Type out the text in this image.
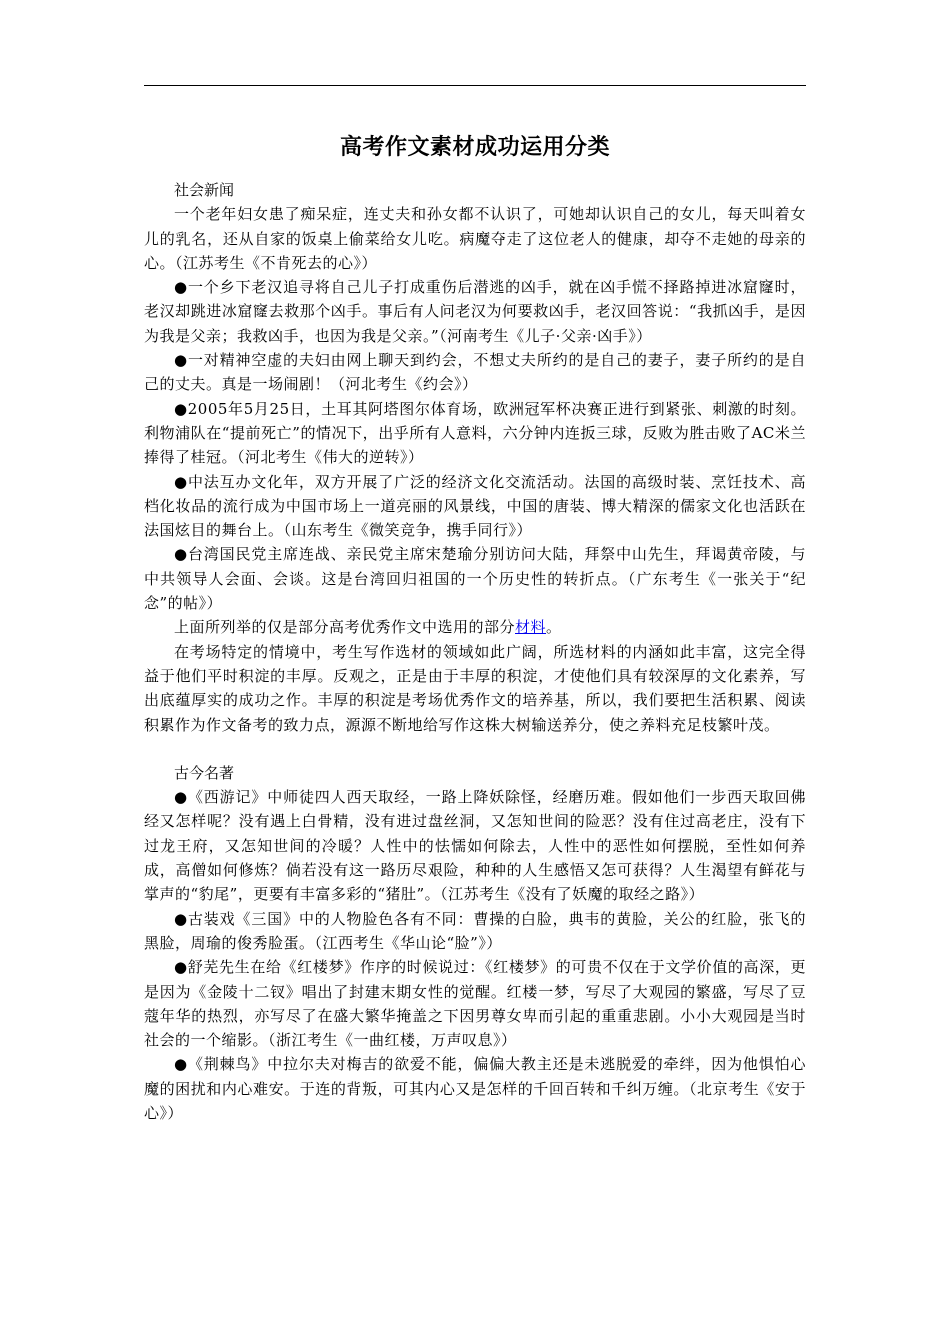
高考作文素材成功运用分类

社会新闻

一个老年妇女患了痴呆症，连丈夫和孙女都不认识了，可她却认识自己的女儿，每天叫着女儿的乳名，还从自家的饭桌上偷菜给女儿吃。病魔夺走了这位老人的健康，却夺不走她的母亲的心。（江苏考生《不肯死去的心》）

●一个乡下老汉追寻将自己儿子打成重伤后潜逃的凶手，就在凶手慌不择路掉进冰窟窿时，老汉却跳进冰窟窿去救那个凶手。事后有人问老汉为何要救凶手，老汉回答说：“我抓凶手，是因为我是父亲；我救凶手，也因为我是父亲。”（河南考生《儿子·父亲·凶手》）

●一对精神空虚的夫妇由网上聊天到约会，不想丈夫所约的是自己的妻子，妻子所约的是自己的丈夫。真是一场闹剧！（河北考生《约会》）

●2005年5月25日，土耳其阿塔图尔体育场，欧洲冠军杯决赛正进行到紧张、刺激的时刻。利物浦队在“提前死亡”的情况下，出乎所有人意料，六分钟内连扳三球，反败为胜击败了AC米兰捧得了桂冠。（河北考生《伟大的逆转》）

●中法互办文化年，双方开展了广泛的经济文化交流活动。法国的高级时装、烹饪技术、高档化妆品的流行成为中国市场上一道亮丽的风景线，中国的唐装、博大精深的儒家文化也活跃在法国炫目的舞台上。（山东考生《微笑竞争，携手同行》）

●台湾国民党主席连战、亲民党主席宋楚瑜分别访问大陆，拜祭中山先生，拜谒黄帝陵，与中共领导人会面、会谈。这是台湾回归祖国的一个历史性的转折点。（广东考生《一张关于“纪念”的帖》）

上面所列举的仅是部分高考优秀作文中选用的部分材料。

在考场特定的情境中，考生写作选材的领域如此广阔，所选材料的内涵如此丰富，这完全得益于他们平时积淀的丰厚。反观之，正是由于丰厚的积淀，才使他们具有较深厚的文化素养，写出底蕴厚实的成功之作。丰厚的积淀是考场优秀作文的培养基，所以，我们要把生活积累、阅读积累作为作文备考的致力点，源源不断地给写作这株大树输送养分，使之养料充足枝繁叶茂。

古今名著

●《西游记》中师徒四人西天取经，一路上降妖除怪，经磨历难。假如他们一步西天取回佛经又怎样呢？没有遇上白骨精，没有进过盘丝洞，又怎知世间的险恶？没有住过高老庄，没有下过龙王府，又怎知世间的冷暖？人性中的怯懦如何除去，人性中的恶性如何摆脱，至性如何养成，高僧如何修炼？倘若没有这一路历尽艰险，种种的人生感悟又怎可获得？人生渴望有鲜花与掌声的“豹尾”，更要有丰富多彩的“猪肚”。（江苏考生《没有了妖魔的取经之路》）

●古装戏《三国》中的人物脸色各有不同：曹操的白脸，典韦的黄脸，关公的红脸，张飞的黑脸，周瑜的俊秀脸蛋。（江西考生《华山论“脸”》）

●舒芜先生在给《红楼梦》作序的时候说过：《红楼梦》的可贵不仅在于文学价值的高深，更是因为《金陵十二钗》唱出了封建末期女性的觉醒。红楼一梦，写尽了大观园的繁盛，写尽了豆蔻年华的热烈，亦写尽了在盛大繁华掩盖之下因男尊女卑而引起的重重悲剧。小小大观园是当时社会的一个缩影。（浙江考生《一曲红楼，万声叹息》）

●《荆棘鸟》中拉尔夫对梅吉的欲爱不能，偏偏大教主还是未逃脱爱的牵绊，因为他惧怕心魔的困扰和内心难安。于连的背叛，可其内心又是怎样的千回百转和千纠万缠。（北京考生《安于心》）
